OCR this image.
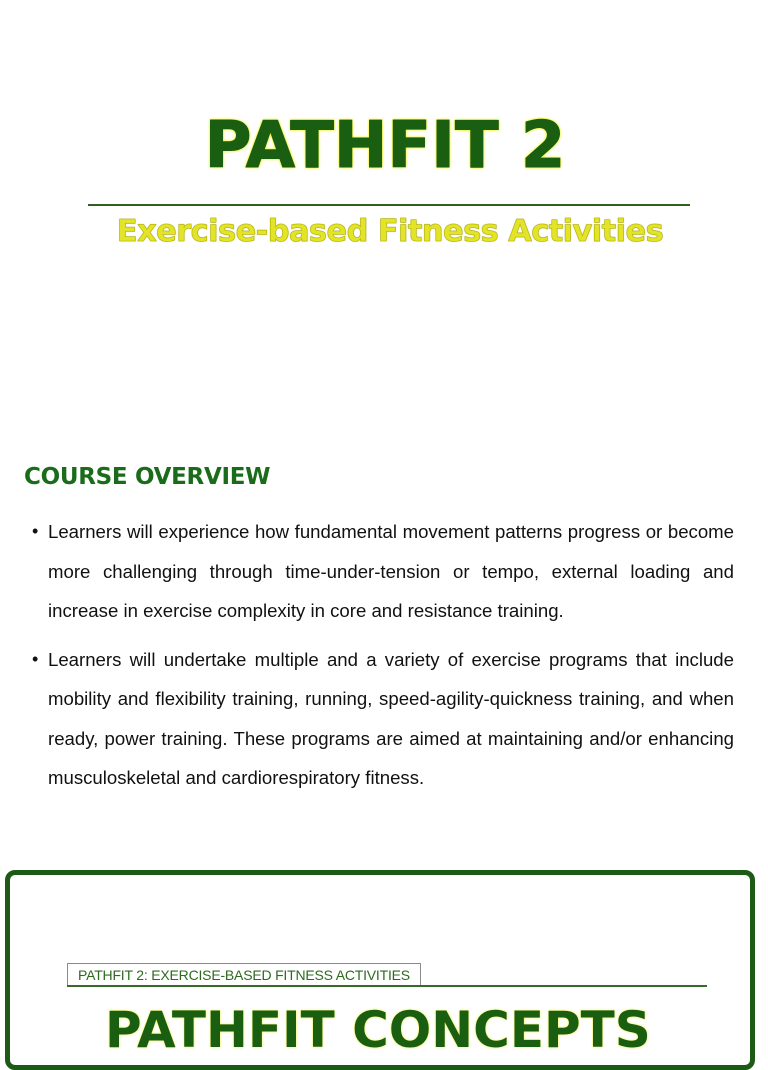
PATHFIT 2
Exercise-based Fitness Activities
COURSE OVERVIEW
• Learners will experience how fundamental movement patterns progress or become more challenging through time-under-tension or tempo, external loading and increase in exercise complexity in core and resistance training.
• Learners will undertake multiple and a variety of exercise programs that include mobility and flexibility training, running, speed-agility-quickness training, and when ready, power training. These programs are aimed at maintaining and/or enhancing musculoskeletal and cardiorespiratory fitness.
PATHFIT 2: EXERCISE-BASED FITNESS ACTIVITIES
PATHFIT CONCEPTS
